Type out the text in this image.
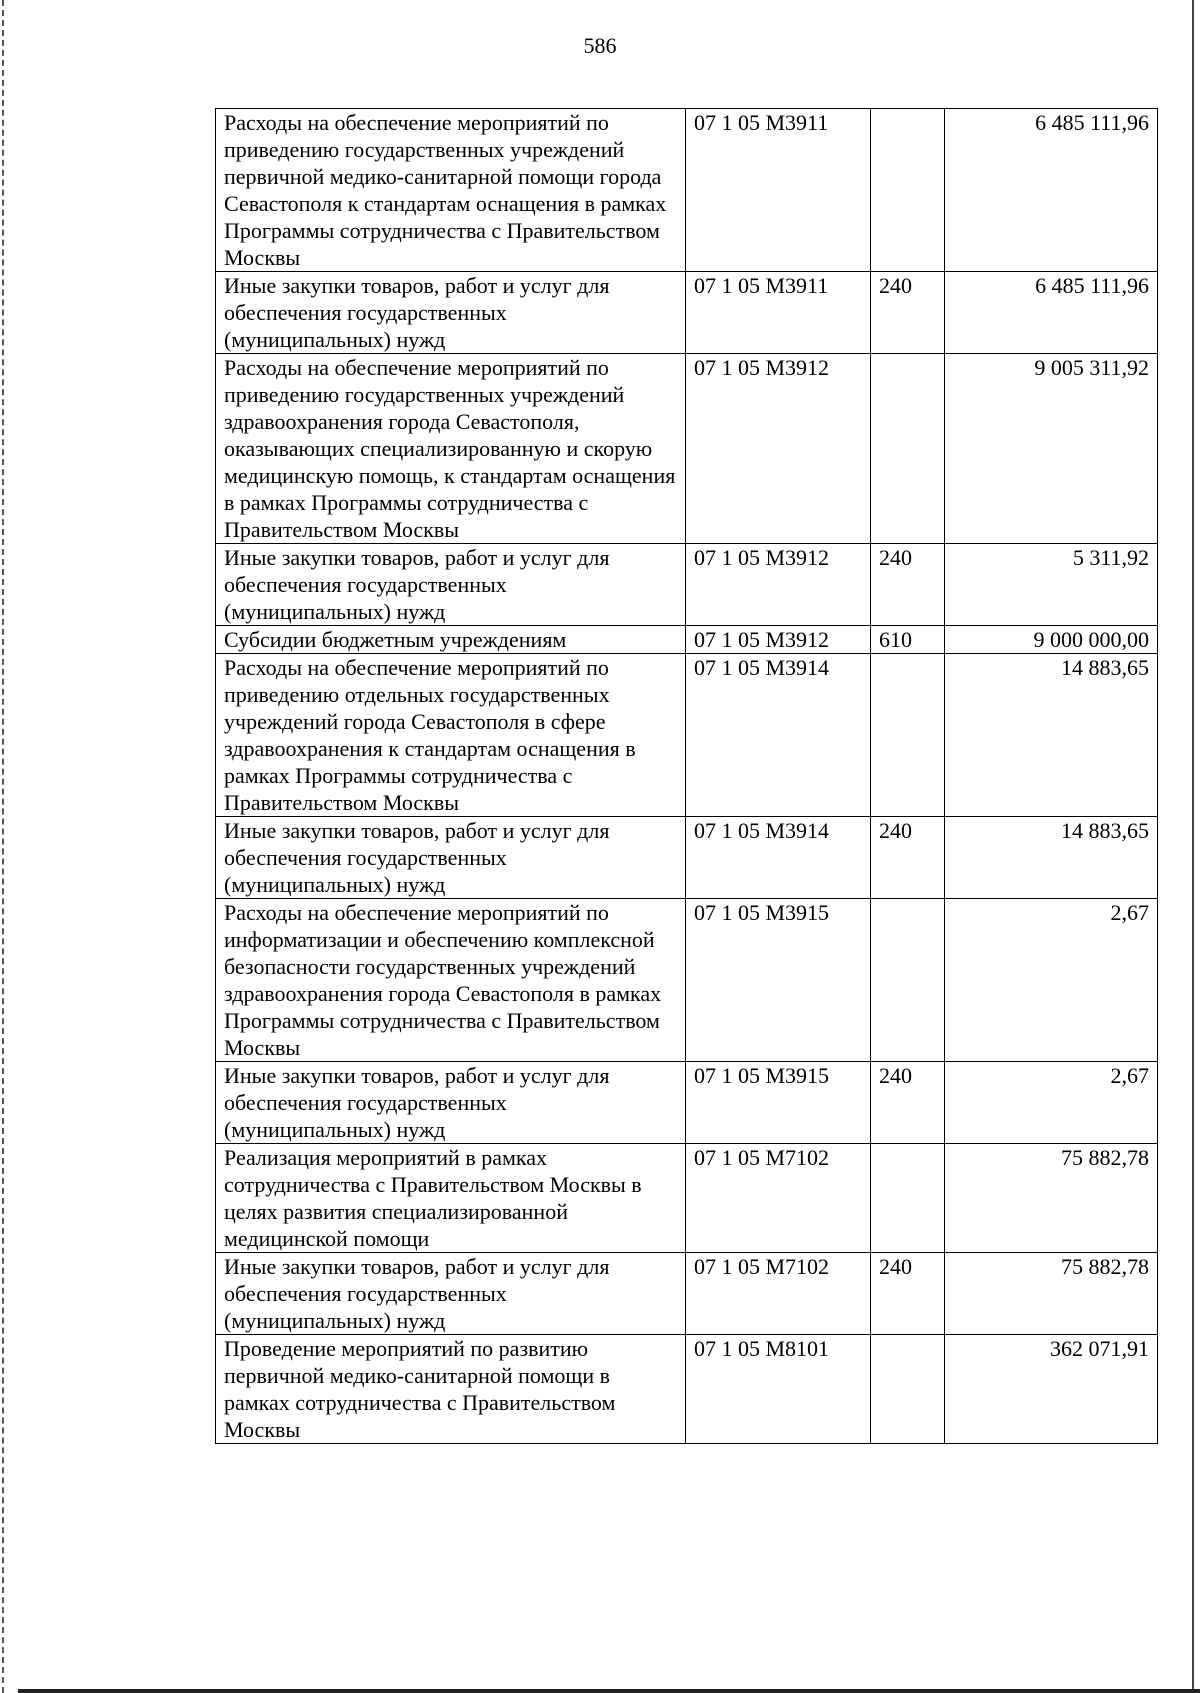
586
Расходы на обеспечение мероприятий по приведению государственных учреждений первичной медико-санитарной помощи города Севастополя к стандартам оснащения в рамках Программы сотрудничества с Правительством Москвы	07 1 05 M3911		6 485 111,96
Иные закупки товаров, работ и услуг для обеспечения государственных (муниципальных) нужд	07 1 05 M3911	240	6 485 111,96
Расходы на обеспечение мероприятий по приведению государственных учреждений здравоохранения города Севастополя, оказывающих специализированную и скорую медицинскую помощь, к стандартам оснащения в рамках Программы сотрудничества с Правительством Москвы	07 1 05 M3912		9 005 311,92
Иные закупки товаров, работ и услуг для обеспечения государственных (муниципальных) нужд	07 1 05 M3912	240	5 311,92
Субсидии бюджетным учреждениям	07 1 05 M3912	610	9 000 000,00
Расходы на обеспечение мероприятий по приведению отдельных государственных учреждений города Севастополя в сфере здравоохранения к стандартам оснащения в рамках Программы сотрудничества с Правительством Москвы	07 1 05 M3914		14 883,65
Иные закупки товаров, работ и услуг для обеспечения государственных (муниципальных) нужд	07 1 05 M3914	240	14 883,65
Расходы на обеспечение мероприятий по информатизации и обеспечению комплексной безопасности государственных учреждений здравоохранения города Севастополя в рамках Программы сотрудничества с Правительством Москвы	07 1 05 M3915		2,67
Иные закупки товаров, работ и услуг для обеспечения государственных (муниципальных) нужд	07 1 05 M3915	240	2,67
Реализация мероприятий в рамках сотрудничества с Правительством Москвы в целях развития специализированной медицинской помощи	07 1 05 M7102		75 882,78
Иные закупки товаров, работ и услуг для обеспечения государственных (муниципальных) нужд	07 1 05 M7102	240	75 882,78
Проведение мероприятий по развитию первичной медико-санитарной помощи в рамках сотрудничества с Правительством Москвы	07 1 05 M8101		362 071,91
